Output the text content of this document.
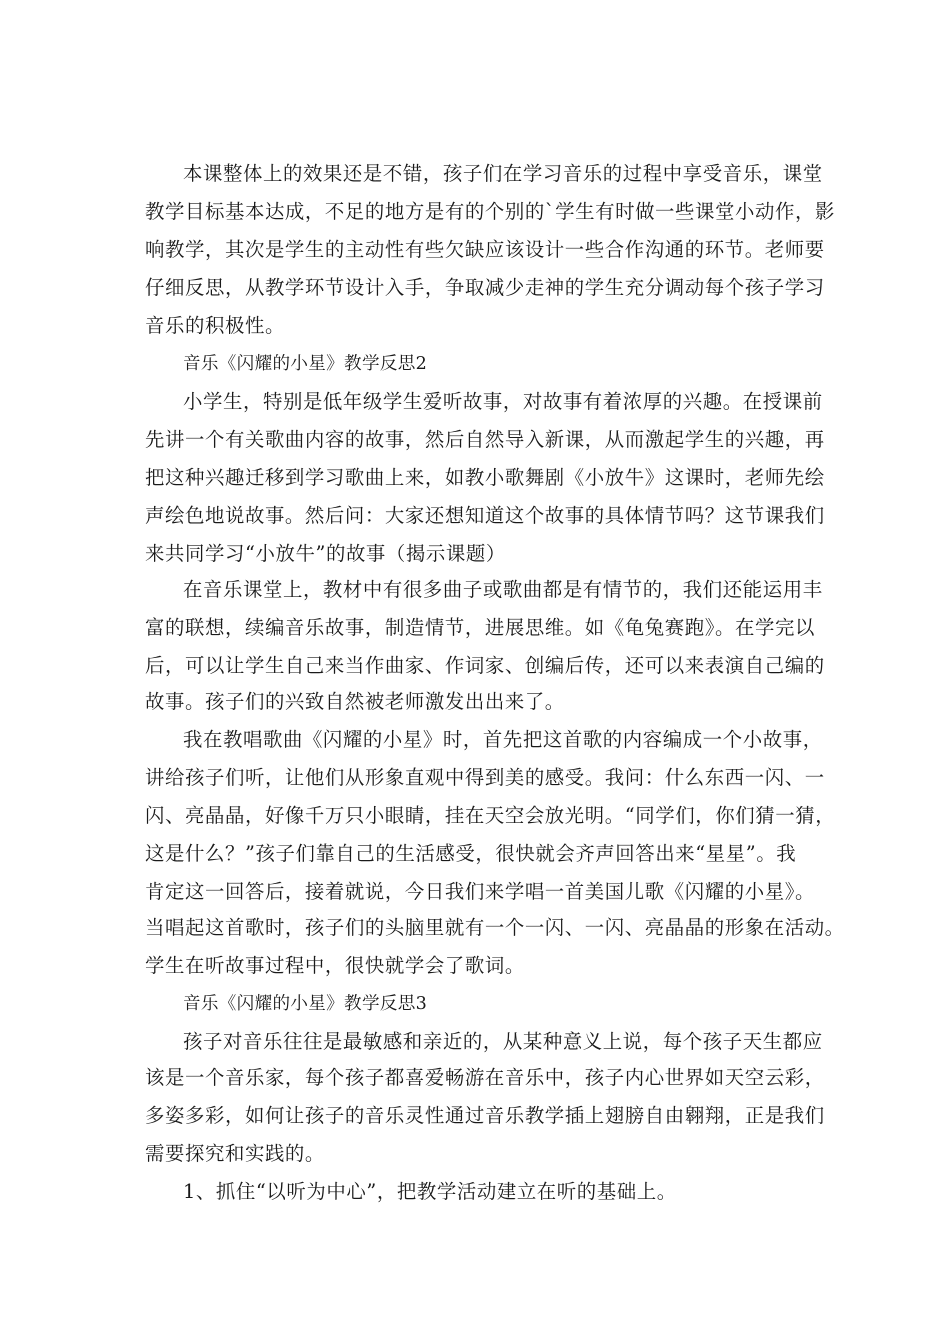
本课整体上的效果还是不错，孩子们在学习音乐的过程中享受音乐，课堂

教学目标基本达成，不足的地方是有的个别的`学生有时做一些课堂小动作，影

响教学，其次是学生的主动性有些欠缺应该设计一些合作沟通的环节。老师要

仔细反思，从教学环节设计入手，争取减少走神的学生充分调动每个孩子学习

音乐的积极性。

音乐《闪耀的小星》教学反思2

小学生，特别是低年级学生爱听故事，对故事有着浓厚的兴趣。在授课前

先讲一个有关歌曲内容的故事，然后自然导入新课，从而激起学生的兴趣，再

把这种兴趣迁移到学习歌曲上来，如教小歌舞剧《小放牛》这课时，老师先绘

声绘色地说故事。然后问：大家还想知道这个故事的具体情节吗？这节课我们

来共同学习“小放牛”的故事（揭示课题）

在音乐课堂上，教材中有很多曲子或歌曲都是有情节的，我们还能运用丰

富的联想，续编音乐故事，制造情节，进展思维。如《龟兔赛跑》。在学完以

后，可以让学生自己来当作曲家、作词家、创编后传，还可以来表演自己编的

故事。孩子们的兴致自然被老师激发出出来了。

我在教唱歌曲《闪耀的小星》时，首先把这首歌的内容编成一个小故事，

讲给孩子们听，让他们从形象直观中得到美的感受。我问：什么东西一闪、一

闪、亮晶晶，好像千万只小眼睛，挂在天空会放光明。“同学们，你们猜一猜，

这是什么？”孩子们靠自己的生活感受，很快就会齐声回答出来“星星”。我

肯定这一回答后，接着就说，今日我们来学唱一首美国儿歌《闪耀的小星》。

当唱起这首歌时，孩子们的头脑里就有一个一闪、一闪、亮晶晶的形象在活动。

学生在听故事过程中，很快就学会了歌词。

音乐《闪耀的小星》教学反思3

孩子对音乐往往是最敏感和亲近的，从某种意义上说，每个孩子天生都应

该是一个音乐家，每个孩子都喜爱畅游在音乐中，孩子内心世界如天空云彩，

多姿多彩，如何让孩子的音乐灵性通过音乐教学插上翅膀自由翱翔，正是我们

需要探究和实践的。

1、抓住“以听为中心”，把教学活动建立在听的基础上。
